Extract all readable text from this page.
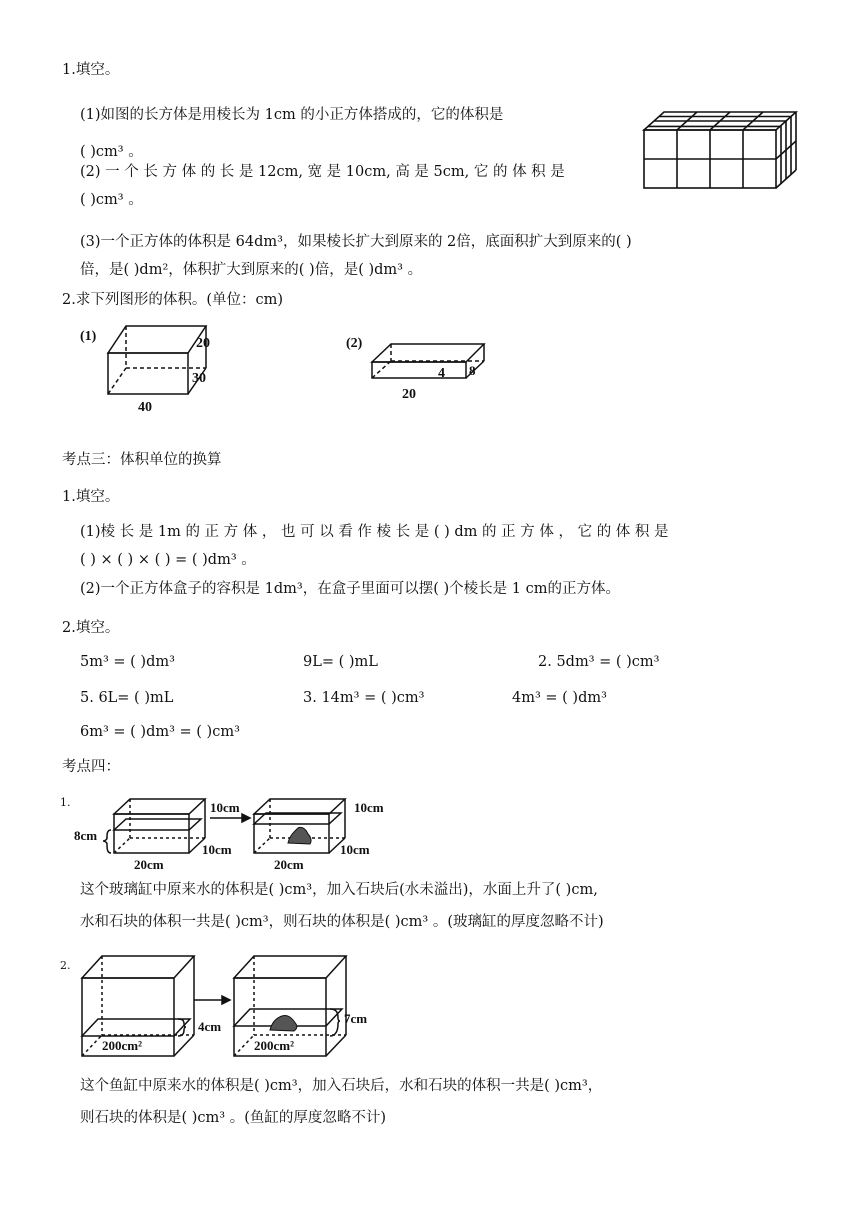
1.填空。
(1)如图的长方体是用棱长为 1cm 的小正方体搭成的，它的体积是
( )cm³ 。
(2) 一 个 长 方 体 的 长 是 12cm, 宽 是 10cm, 高 是 5cm, 它 的 体 积 是
( )cm³ 。
(3)一个正方体的体积是 64dm³，如果棱长扩大到原来的 2倍，底面积扩大到原来的( )
倍，是( )dm²，体积扩大到原来的( )倍，是( )dm³ 。
2.求下列图形的体积。(单位：cm)
(1)	20
30
40
(2)
4 8
20
考点三：体积单位的换算
1.填空。
(1)棱 长 是 1m 的 正 方 体 ， 也 可 以 看 作 棱 长 是 ( ) dm 的 正 方 体 ， 它 的 体 积 是
( ) × ( ) × ( ) = ( )dm³ 。
(2)一个正方体盒子的容积是 1dm³，在盒子里面可以摆( )个棱长是 1 cm的正方体。
2.填空。
5m³ = ( )dm³	9L= ( )mL	2. 5dm³ = ( )cm³
5. 6L= ( )mL	3. 14m³ = ( )cm³	4m³ = ( )dm³
6m³ = ( )dm³ = ( )cm³
考点四：
1.
8cm
20cm
10cm
10cm
20cm
10cm
10cm
这个玻璃缸中原来水的体积是( )cm³，加入石块后(水未溢出)，水面上升了( )cm,
水和石块的体积一共是( )cm³，则石块的体积是( )cm³ 。(玻璃缸的厚度忽略不计)
2.
4cm
200cm²
7cm
200cm²
这个鱼缸中原来水的体积是( )cm³，加入石块后，水和石块的体积一共是( )cm³，
则石块的体积是( )cm³ 。(鱼缸的厚度忽略不计)
